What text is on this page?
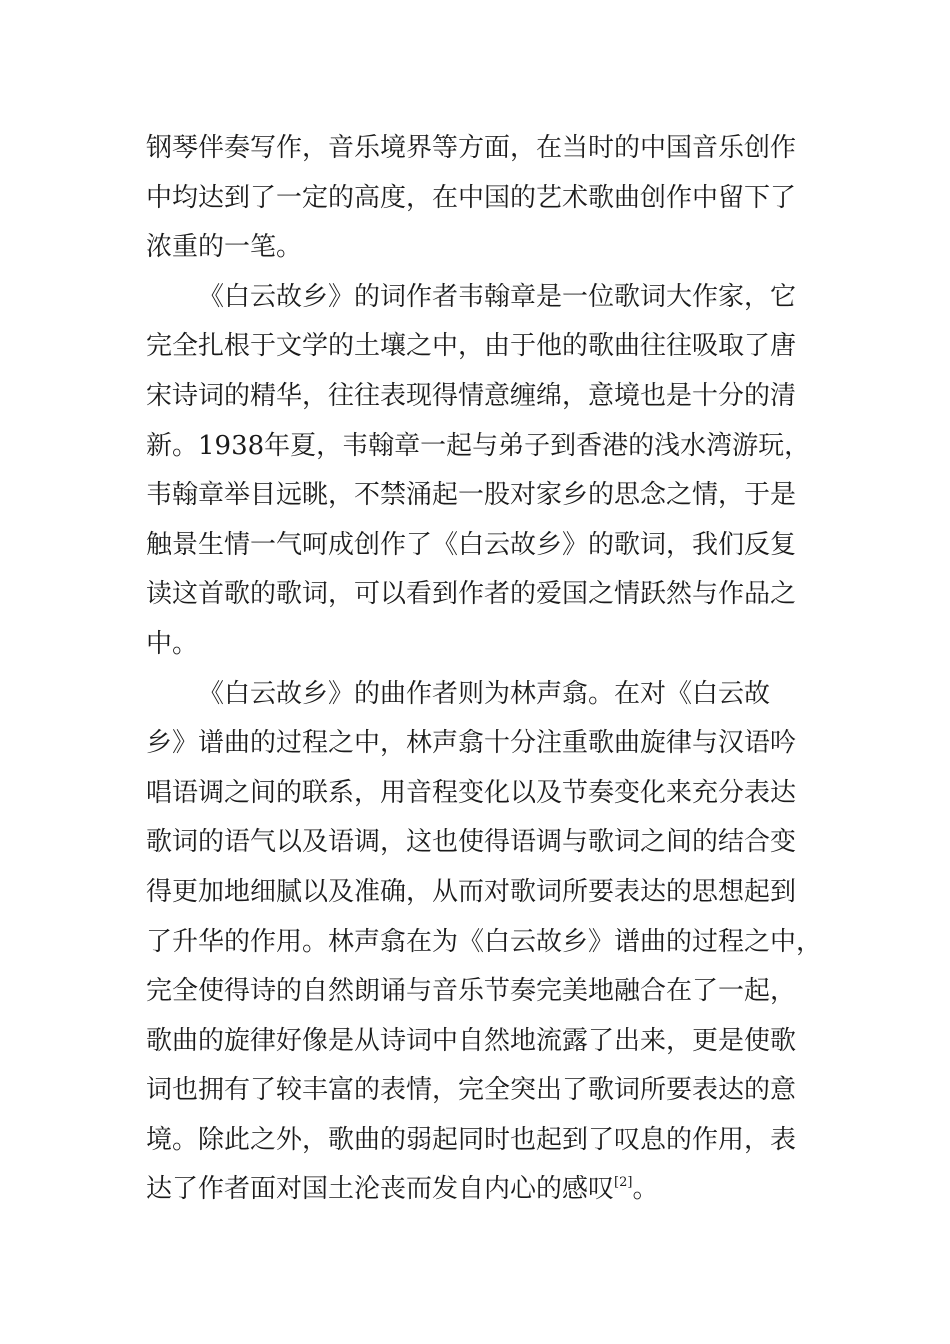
钢琴伴奏写作，音乐境界等方面，在当时的中国音乐创作
中均达到了一定的高度，在中国的艺术歌曲创作中留下了
浓重的一笔。
《白云故乡》的词作者韦翰章是一位歌词大作家，它
完全扎根于文学的土壤之中，由于他的歌曲往往吸取了唐
宋诗词的精华，往往表现得情意缠绵，意境也是十分的清
新。1938年夏，韦翰章一起与弟子到香港的浅水湾游玩，
韦翰章举目远眺，不禁涌起一股对家乡的思念之情，于是
触景生情一气呵成创作了《白云故乡》的歌词，我们反复
读这首歌的歌词，可以看到作者的爱国之情跃然与作品之
中。
《白云故乡》的曲作者则为林声翕。在对《白云故
乡》谱曲的过程之中，林声翕十分注重歌曲旋律与汉语吟
唱语调之间的联系，用音程变化以及节奏变化来充分表达
歌词的语气以及语调，这也使得语调与歌词之间的结合变
得更加地细腻以及准确，从而对歌词所要表达的思想起到
了升华的作用。林声翕在为《白云故乡》谱曲的过程之中，
完全使得诗的自然朗诵与音乐节奏完美地融合在了一起，
歌曲的旋律好像是从诗词中自然地流露了出来，更是使歌
词也拥有了较丰富的表情，完全突出了歌词所要表达的意
境。除此之外，歌曲的弱起同时也起到了叹息的作用，表
达了作者面对国土沦丧而发自内心的感叹[2]。
